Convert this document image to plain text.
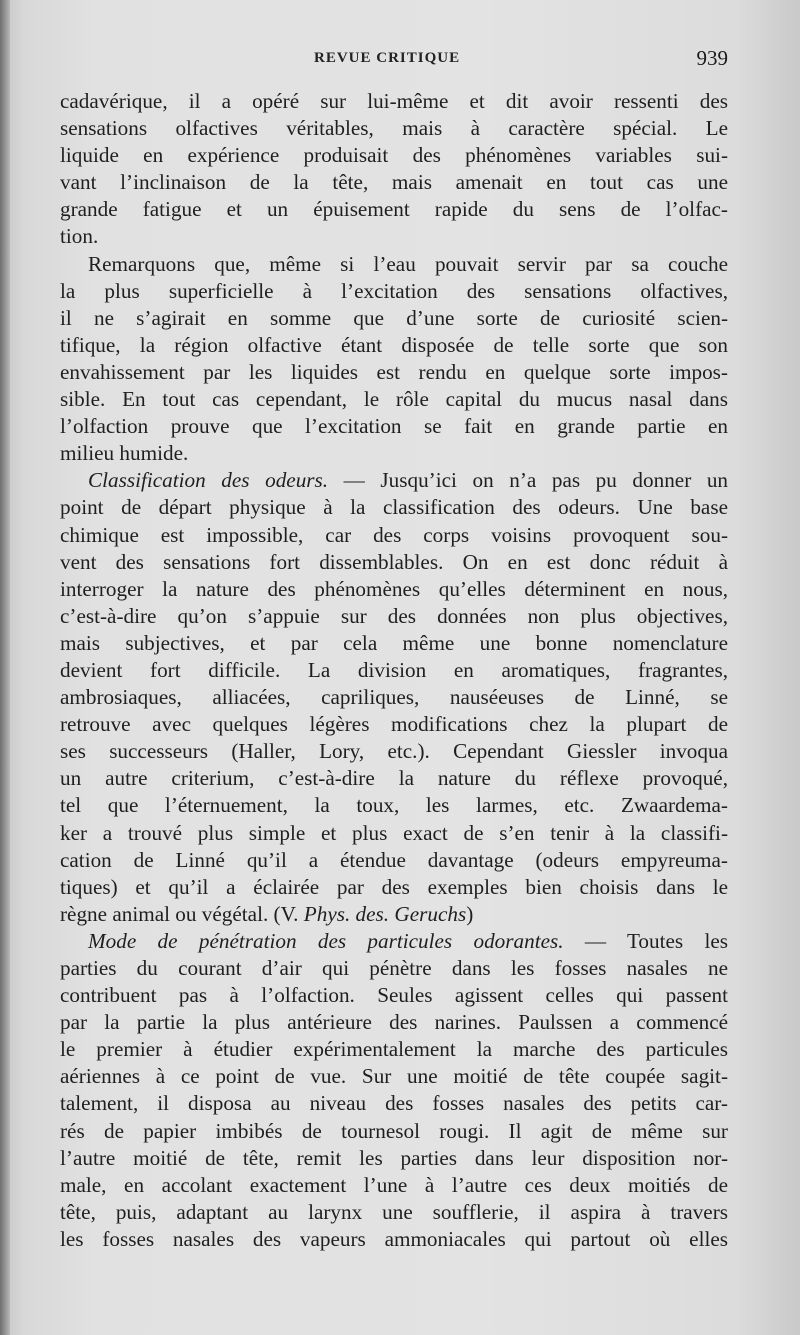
REVUE CRITIQUE	939
cadavérique, il a opéré sur lui-même et dit avoir ressenti des
sensations olfactives véritables, mais à caractère spécial. Le
liquide en expérience produisait des phénomènes variables sui-
vant l’inclinaison de la tête, mais amenait en tout cas une
grande fatigue et un épuisement rapide du sens de l’olfac-
tion.
Remarquons que, même si l’eau pouvait servir par sa couche
la plus superficielle à l’excitation des sensations olfactives,
il ne s’agirait en somme que d’une sorte de curiosité scien-
tifique, la région olfactive étant disposée de telle sorte que son
envahissement par les liquides est rendu en quelque sorte impos-
sible. En tout cas cependant, le rôle capital du mucus nasal dans
l’olfaction prouve que l’excitation se fait en grande partie en
milieu humide.
Classification des odeurs. — Jusqu’ici on n’a pas pu donner un
point de départ physique à la classification des odeurs. Une base
chimique est impossible, car des corps voisins provoquent sou-
vent des sensations fort dissemblables. On en est donc réduit à
interroger la nature des phénomènes qu’elles déterminent en nous,
c’est-à-dire qu’on s’appuie sur des données non plus objectives,
mais subjectives, et par cela même une bonne nomenclature
devient fort difficile. La division en aromatiques, fragrantes,
ambrosiaques, alliacées, capriliques, nauséeuses de Linné, se
retrouve avec quelques légères modifications chez la plupart de
ses successeurs (Haller, Lory, etc.). Cependant Giessler invoqua
un autre criterium, c’est-à-dire la nature du réflexe provoqué,
tel que l’éternuement, la toux, les larmes, etc. Zwaardema-
ker a trouvé plus simple et plus exact de s’en tenir à la classifi-
cation de Linné qu’il a étendue davantage (odeurs empyreuma-
tiques) et qu’il a éclairée par des exemples bien choisis dans le
règne animal ou végétal. (V. Phys. des. Geruchs)
Mode de pénétration des particules odorantes. — Toutes les
parties du courant d’air qui pénètre dans les fosses nasales ne
contribuent pas à l’olfaction. Seules agissent celles qui passent
par la partie la plus antérieure des narines. Paulssen a commencé
le premier à étudier expérimentalement la marche des particules
aériennes à ce point de vue. Sur une moitié de tête coupée sagit-
talement, il disposa au niveau des fosses nasales des petits car-
rés de papier imbibés de tournesol rougi. Il agit de même sur
l’autre moitié de tête, remit les parties dans leur disposition nor-
male, en accolant exactement l’une à l’autre ces deux moitiés de
tête, puis, adaptant au larynx une soufflerie, il aspira à travers
les fosses nasales des vapeurs ammoniacales qui partout où elles
